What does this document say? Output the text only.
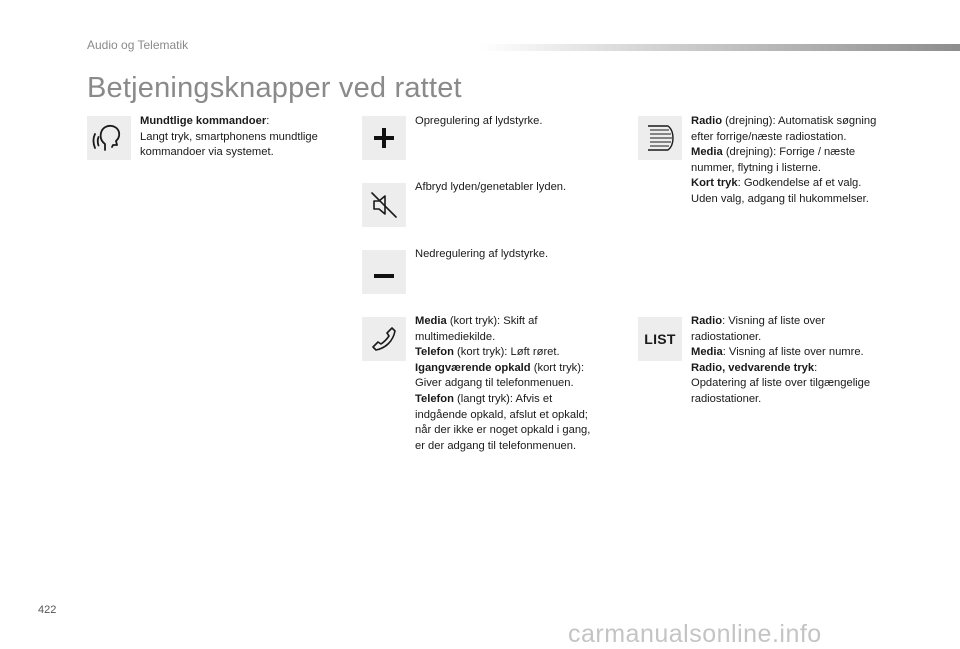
Audio og Telematik
Betjeningsknapper ved rattet
Mundtlige kommandoer:
Langt tryk, smartphonens mundtlige
kommandoer via systemet.
Opregulering af lydstyrke.
Afbryd lyden/genetabler lyden.
Nedregulering af lydstyrke.
Media (kort tryk): Skift af
multimediekilde.
Telefon (kort tryk): Løft røret.
Igangværende opkald (kort tryk):
Giver adgang til telefonmenuen.
Telefon (langt tryk): Afvis et
indgående opkald, afslut et opkald;
når der ikke er noget opkald i gang,
er der adgang til telefonmenuen.
Radio (drejning): Automatisk søgning
efter forrige/næste radiostation.
Media (drejning): Forrige / næste
nummer, flytning i listerne.
Kort tryk: Godkendelse af et valg.
Uden valg, adgang til hukommelser.
LIST
Radio: Visning af liste over
radiostationer.
Media: Visning af liste over numre.
Radio, vedvarende tryk:
Opdatering af liste over tilgængelige
radiostationer.
422
carmanualsonline.info
